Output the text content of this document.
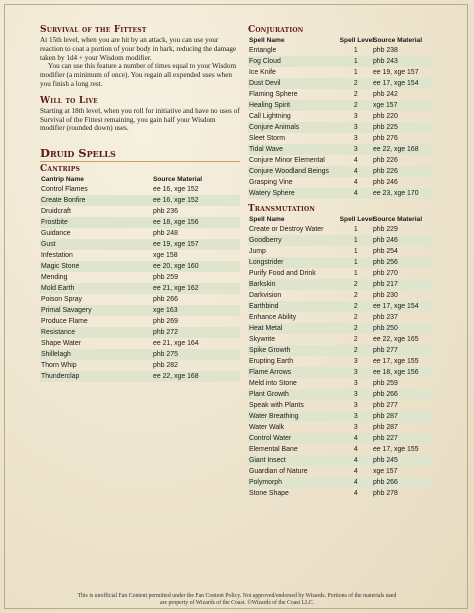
Survival of the Fittest

At 15th level, when you are hit by an attack, you can use your reaction to coat a portion of your body in bark, reducing the damage taken by 1d4 + your Wisdom modifier.

You can use this feature a number of times equal to your Wisdom modifier (a minimum of once). You regain all expended uses when you finish a long rest.

Will to Live

Starting at 18th level, when you roll for initiative and have no uses of Survival of the Fittest remaining, you gain half your Wisdom modifier (rounded down) uses.

Druid Spells
Cantrips
Cantrip Name	Source Material
Control Flames	ee 16, xge 152
Create Bonfire	ee 16, xge 152
Druidcraft	phb 236
Frostbite	ee 18, xge 156
Guidance	phb 248
Gust	ee 19, xge 157
Infestation	xge 158
Magic Stone	ee 20, xge 160
Mending	phb 259
Mold Earth	ee 21, xge 162
Poison Spray	phb 266
Primal Savagery	xge 163
Produce Flame	phb 269
Resistance	phb 272
Shape Water	ee 21, xge 164
Shillelagh	phb 275
Thorn Whip	phb 282
Thunderclap	ee 22, xge 168
Conjuration
Spell Name	Spell Level	Source Material
Entangle	1	phb 238
Fog Cloud	1	phb 243
Ice Knife	1	ee 19, xge 157
Dust Devil	2	ee 17, xge 154
Flaming Sphere	2	phb 242
Healing Spirit	2	xge 157
Call Lightning	3	phb 220
Conjure Animals	3	phb 225
Sleet Storm	3	phb 276
Tidal Wave	3	ee 22, xge 168
Conjure Minor Elemental	4	phb 226
Conjure Woodland Beings	4	phb 226
Grasping Vine	4	phb 246
Watery Sphere	4	ee 23, xge 170
Transmutation
Spell Name	Spell Level	Source Material
Create or Destroy Water	1	phb 229
Goodberry	1	phb 246
Jump	1	phb 254
Longstrider	1	phb 256
Purify Food and Drink	1	phb 270
Barkskin	2	phb 217
Darkvision	2	phb 230
Earthbind	2	ee 17, xge 154
Enhance Ability	2	phb 237
Heat Metal	2	phb 250
Skywrite	2	ee 22, xge 165
Spike Growth	2	phb 277
Erupting Earth	3	ee 17, xge 155
Flame Arrows	3	ee 18, xge 156
Meld into Stone	3	phb 259
Plant Growth	3	phb 266
Speak with Plants	3	phb 277
Water Breathing	3	phb 287
Water Walk	3	phb 287
Control Water	4	phb 227
Elemental Bane	4	ee 17, xge 155
Giant Insect	4	phb 245
Guardian of Nature	4	xge 157
Polymorph	4	phb 266
Stone Shape	4	phb 278
This is unofficial Fan Content permitted under the Fan Content Policy. Not approved/endorsed by Wizards. Portions of the materials used
are property of Wizards of the Coast. ©Wizards of the Coast LLC.
